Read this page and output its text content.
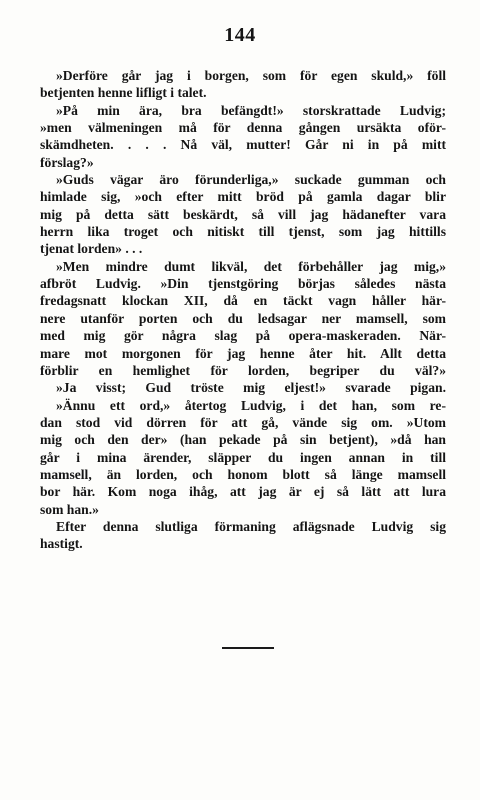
144
»Derföre går jag i borgen, som för egen skuld,» föll
betjenten henne lifligt i talet.
»På min ära, bra befängdt!» storskrattade Ludvig;
»men välmeningen må för denna gången ursäkta oför-
skämdheten. . . . Nå väl, mutter! Går ni in på mitt
förslag?»
»Guds vägar äro förunderliga,» suckade gumman och
himlade sig, »och efter mitt bröd på gamla dagar blir
mig på detta sätt beskärdt, så vill jag hädanefter vara
herrn lika troget och nitiskt till tjenst, som jag hittills
tjenat lorden» . . .
»Men mindre dumt likväl, det förbehåller jag mig,»
afbröt Ludvig. »Din tjenstgöring börjas således nästa
fredagsnatt klockan XII, då en täckt vagn håller här-
nere utanför porten och du ledsagar ner mamsell, som
med mig gör några slag på opera-maskeraden. När-
mare mot morgonen för jag henne åter hit. Allt detta
förblir en hemlighet för lorden, begriper du väl?»
»Ja visst; Gud tröste mig eljest!» svarade pigan.
»Ännu ett ord,» återtog Ludvig, i det han, som re-
dan stod vid dörren för att gå, vände sig om. »Utom
mig och den der» (han pekade på sin betjent), »då han
går i mina ärender, släpper du ingen annan in till
mamsell, än lorden, och honom blott så länge mamsell
bor här. Kom noga ihåg, att jag är ej så lätt att lura
som han.»
Efter denna slutliga förmaning aflägsnade Ludvig sig
hastigt.
